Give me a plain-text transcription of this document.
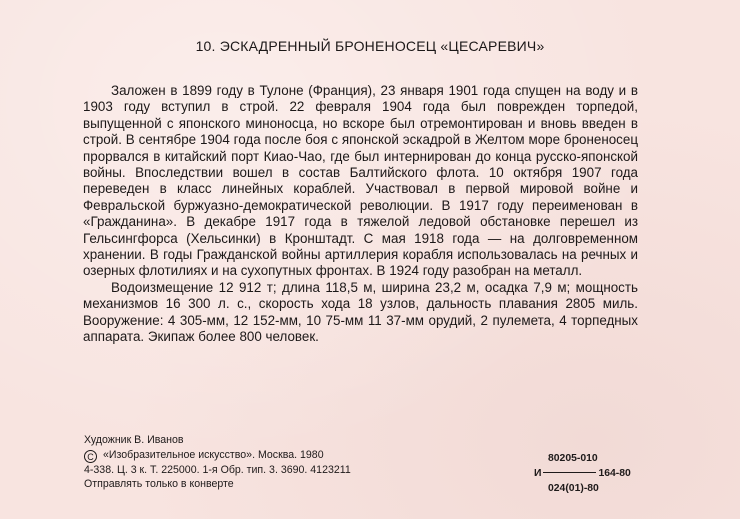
10. ЭСКАДРЕННЫЙ БРОНЕНОСЕЦ «ЦЕСАРЕВИЧ»

Заложен в 1899 году в Тулоне (Франция), 23 января 1901 года спущен на воду и в 1903 году вступил в строй. 22 февраля 1904 года был поврежден торпедой, выпущенной с японского миноносца, но вскоре был отремонтирован и вновь введен в строй. В сентябре 1904 года после боя с японской эскадрой в Желтом море броненосец прорвался в китайский порт Киао-Чао, где был интернирован до конца русско-японской войны. Впоследствии вошел в состав Балтийского флота. 10 октября 1907 года переведен в класс линейных кораблей. Участвовал в первой мировой войне и Февральской буржуазно-демократической революции. В 1917 году переименован в «Гражданина». В декабре 1917 года в тяжелой ледовой обстановке перешел из Гельсингфорса (Хельсинки) в Кронштадт. С мая 1918 года — на долговременном хранении. В годы Гражданской войны артиллерия корабля использовалась на речных и озерных флотилиях и на сухопутных фронтах. В 1924 году разобран на металл.

Водоизмещение 12 912 т; длина 118,5 м, ширина 23,2 м, осадка 7,9 м; мощность механизмов 16 300 л. с., скорость хода 18 узлов, дальность плавания 2805 миль. Вооружение: 4 305-мм, 12 152-мм, 10 75-мм 11 37-мм орудий, 2 пулемета, 4 торпедных аппарата. Экипаж более 800 человек.

Художник В. Иванов
C «Изобразительное искусство». Москва. 1980
4-338. Ц. 3 к. Т. 225000. 1-я Обр. тип. 3. 3690. 4123211
Отправлять только в конверте
80205-010
И	164-80
024(01)-80
